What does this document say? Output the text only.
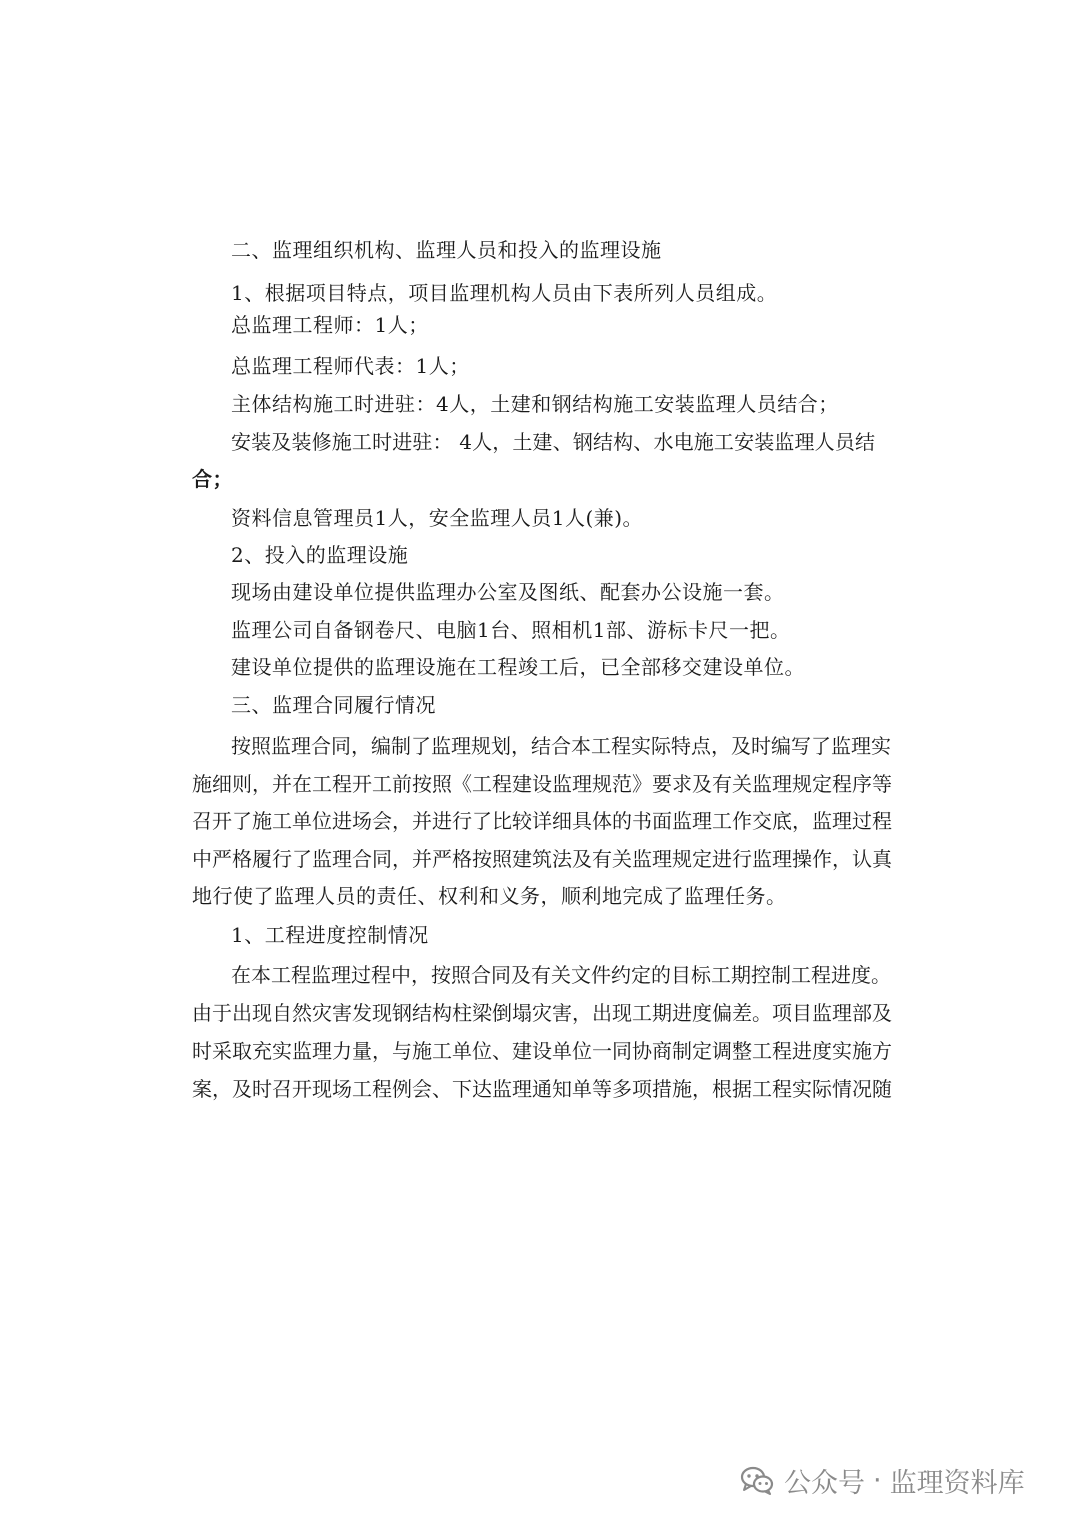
二、监理组织机构、监理人员和投入的监理设施
1、根据项目特点，项目监理机构人员由下表所列人员组成。
总监理工程师：1人；
总监理工程师代表：1人；
主体结构施工时进驻：4人，土建和钢结构施工安装监理人员结合；
安装及装修施工时进驻： 4人，土建、钢结构、水电施工安装监理人员结
合；
资料信息管理员1人，安全监理人员1人(兼)。
2、投入的监理设施
现场由建设单位提供监理办公室及图纸、配套办公设施一套。
监理公司自备钢卷尺、电脑1台、照相机1部、游标卡尺一把。
建设单位提供的监理设施在工程竣工后，已全部移交建设单位。
三、监理合同履行情况
按照监理合同，编制了监理规划，结合本工程实际特点，及时编写了监理实
施细则，并在工程开工前按照《工程建设监理规范》要求及有关监理规定程序等
召开了施工单位进场会，并进行了比较详细具体的书面监理工作交底，监理过程
中严格履行了监理合同，并严格按照建筑法及有关监理规定进行监理操作，认真
地行使了监理人员的责任、权利和义务，顺利地完成了监理任务。
1、工程进度控制情况
在本工程监理过程中，按照合同及有关文件约定的目标工期控制工程进度。
由于出现自然灾害发现钢结构柱梁倒塌灾害，出现工期进度偏差。项目监理部及
时采取充实监理力量，与施工单位、建设单位一同协商制定调整工程进度实施方
案，及时召开现场工程例会、下达监理通知单等多项措施，根据工程实际情况随
公众号 · 监理资料库
